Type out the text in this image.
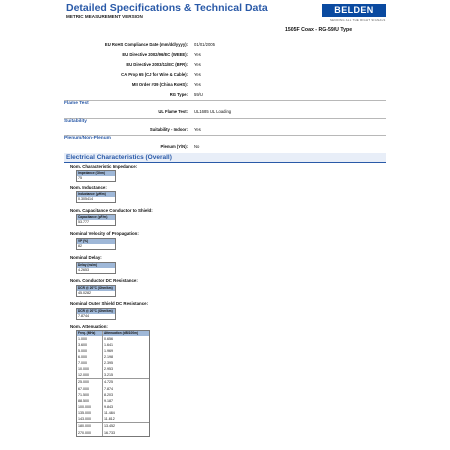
Detailed Specifications & Technical Data
METRIC MEASUREMENT VERSION
BELDEN
SENDING ALL THE RIGHT SIGNALS
1505F Coax - RG-59/U Type
EU RoHS Compliance Date (mm/dd/yyyy): 01/01/2005
EU Directive 2002/96/EC (WEEE): Yes
EU Directive 2003/11/EC (BFR): Yes
CA Prop 65 (CJ for Wire & Cable): Yes
MII Order #39 (China RoHS): Yes
RG Type: 59/U
Flame Test
UL Flame Test: UL1685 UL Loading
Suitability
Suitability - Indoor: Yes
Plenum/Non-Plenum
Plenum (Y/N): No
Electrical Characteristics (Overall)
Nom. Characteristic Impedance:
Impedance (Ohm)
75
Nom. Inductance:
Inductance (μH/m)
0.305414
Nom. Capacitance Conductor to Shield:
Capacitance (pF/m)
53.777
Nominal Velocity of Propagation:
VP (%)
82
Nominal Delay:
Delay (ns/m)
4.2653
Nom. Conductor DC Resistance:
DCR @ 20°C (Ohm/km)
45.0282
Nominal Outer Shield DC Resistance:
DCR @ 20°C (Ohm/km)
7.8744
Nom. Attenuation:
Freq. (MHz)	Attenuation (dB/100m)
1.000	0.656
3.600	1.641
5.000	1.969
6.000	2.198
7.000	2.395
10.000	2.953
12.000	3.215
25.000	4.725
67.000	7.874
71.500	8.203
88.500	9.187
100.000	9.843
135.000	11.484
143.000	11.812
180.000	13.452
270.000	16.733
